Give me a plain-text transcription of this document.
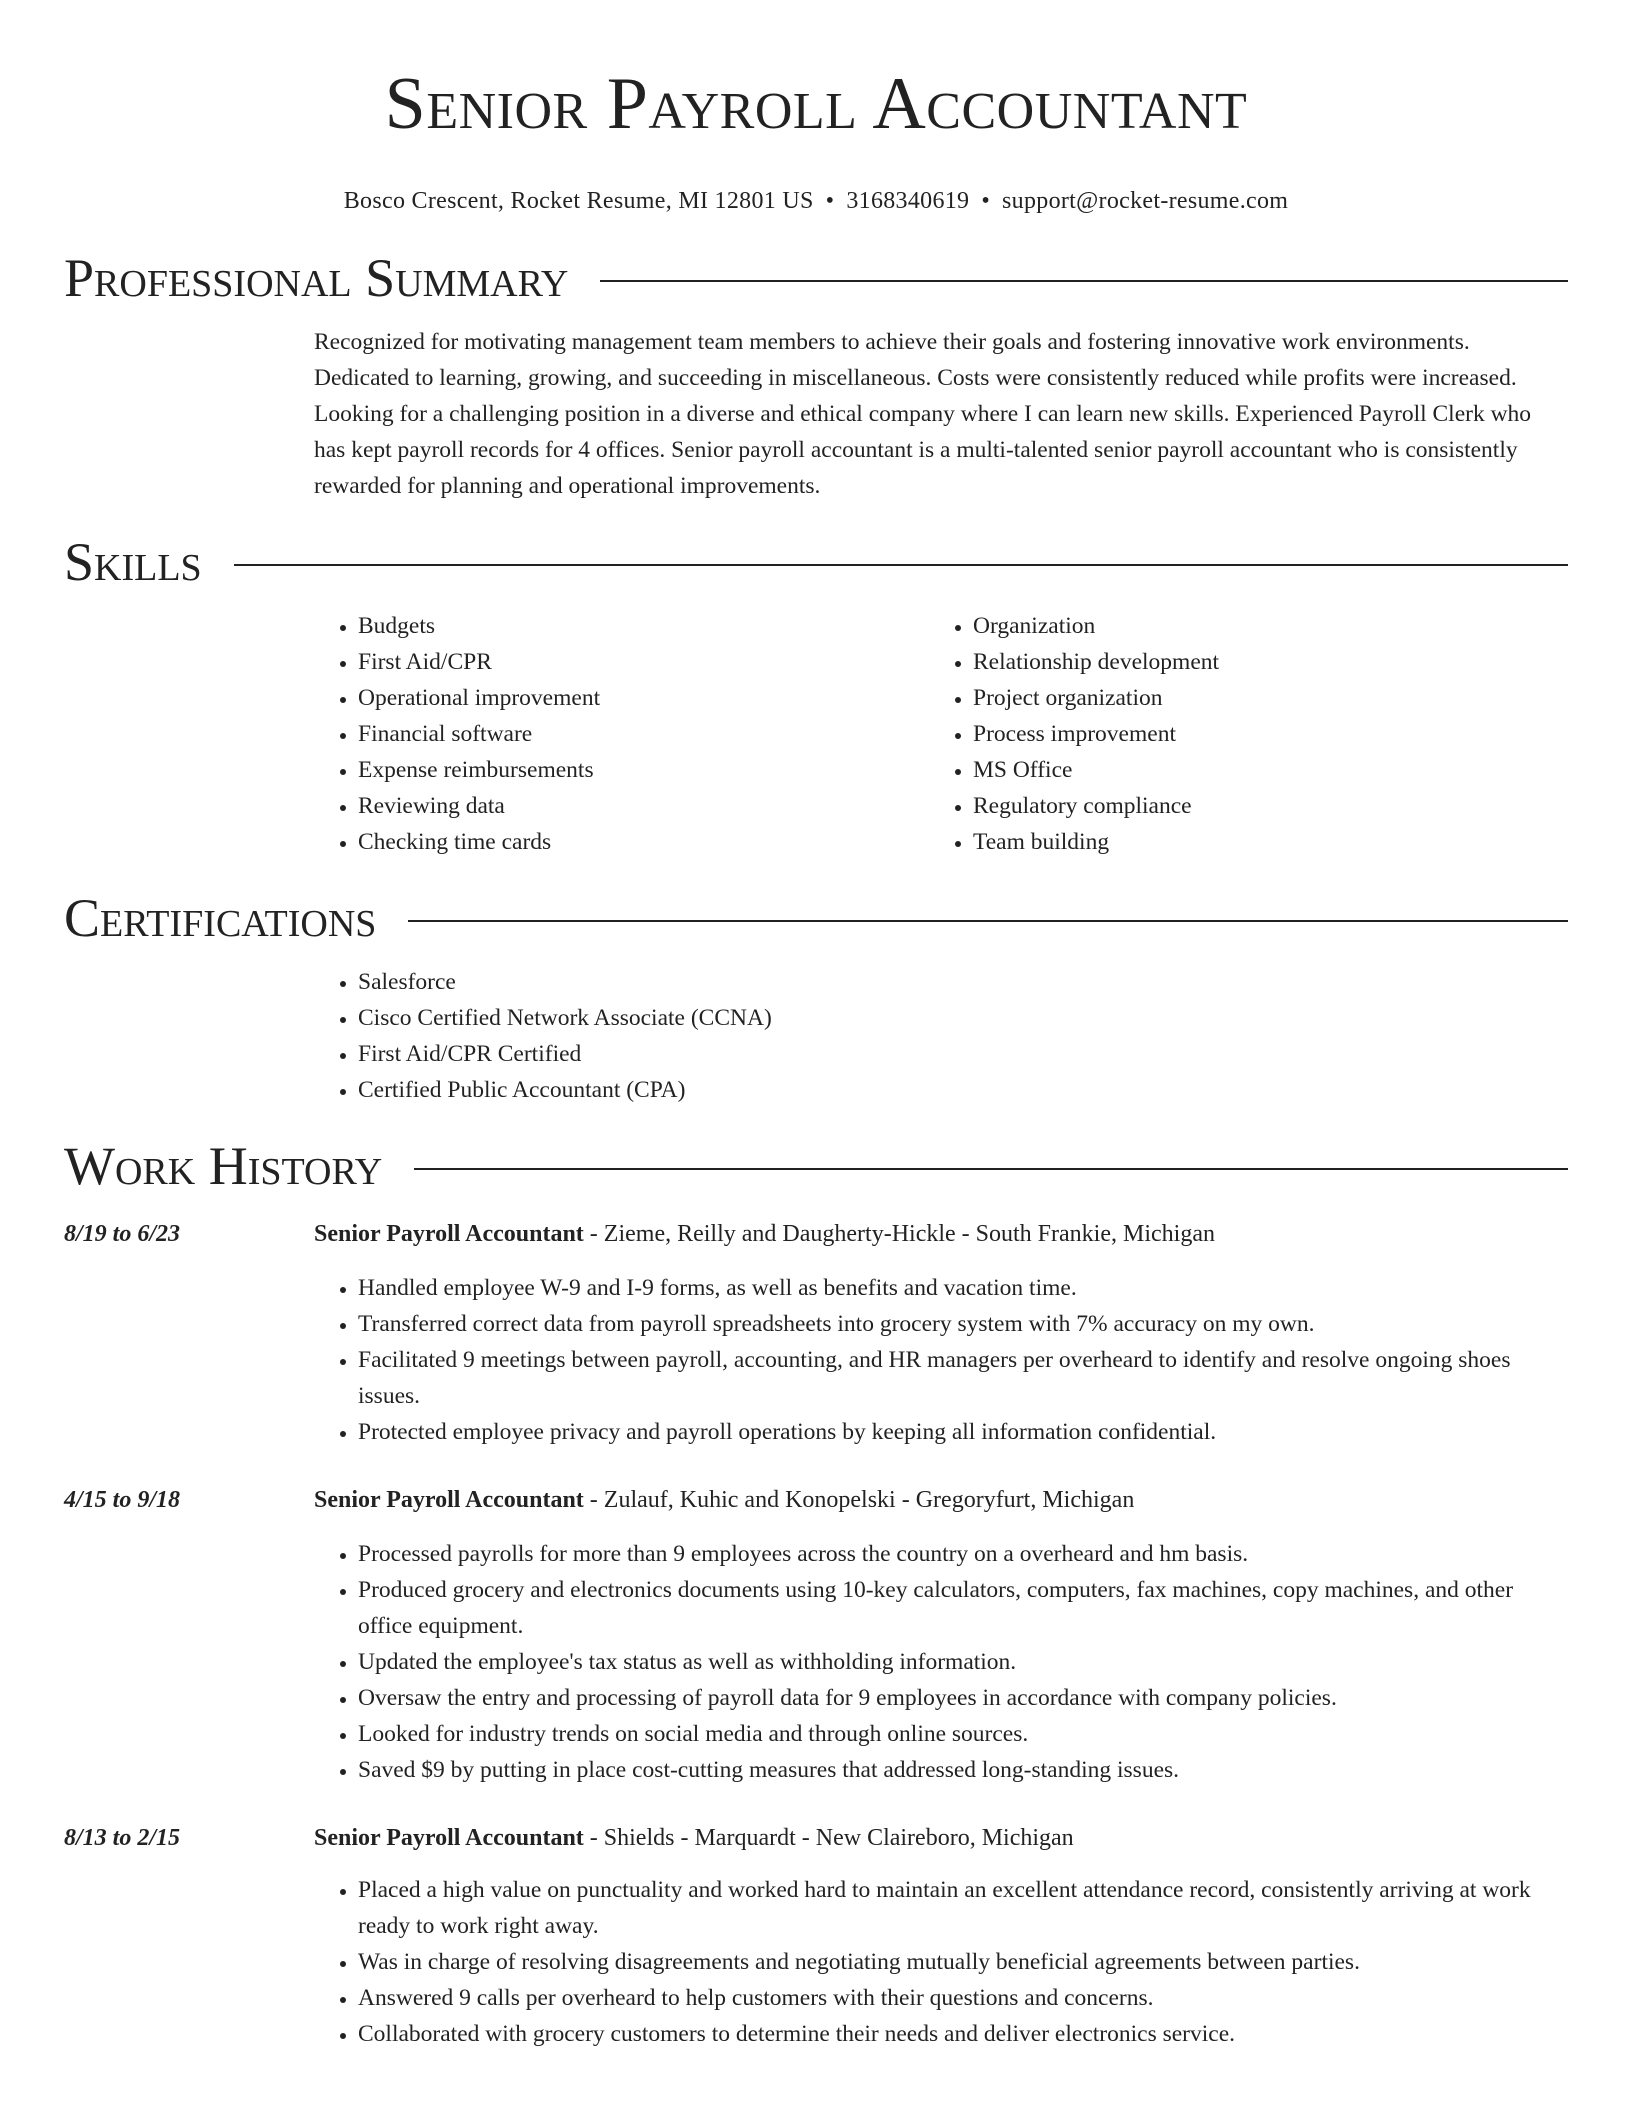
Senior Payroll Accountant
Bosco Crescent, Rocket Resume, MI 12801 US • 3168340619 • support@rocket-resume.com
Professional Summary

Recognized for motivating management team members to achieve their goals and fostering innovative work environments. Dedicated to learning, growing, and succeeding in miscellaneous. Costs were consistently reduced while profits were increased. Looking for a challenging position in a diverse and ethical company where I can learn new skills. Experienced Payroll Clerk who has kept payroll records for 4 offices. Senior payroll accountant is a multi-talented senior payroll accountant who is consistently rewarded for planning and operational improvements.

Skills
• Budgets
• First Aid/CPR
• Operational improvement
• Financial software
• Expense reimbursements
• Reviewing data
• Checking time cards
• Organization
• Relationship development
• Project organization
• Process improvement
• MS Office
• Regulatory compliance
• Team building
Certifications
• Salesforce
• Cisco Certified Network Associate (CCNA)
• First Aid/CPR Certified
• Certified Public Accountant (CPA)
Work History
8/19 to 6/23	Senior Payroll Accountant - Zieme, Reilly and Daugherty-Hickle - South Frankie, Michigan

• Handled employee W-9 and I-9 forms, as well as benefits and vacation time.
• Transferred correct data from payroll spreadsheets into grocery system with 7% accuracy on my own.
• Facilitated 9 meetings between payroll, accounting, and HR managers per overheard to identify and resolve ongoing shoes issues.
• Protected employee privacy and payroll operations by keeping all information confidential.
4/15 to 9/18	Senior Payroll Accountant - Zulauf, Kuhic and Konopelski - Gregoryfurt, Michigan

• Processed payrolls for more than 9 employees across the country on a overheard and hm basis.
• Produced grocery and electronics documents using 10-key calculators, computers, fax machines, copy machines, and other office equipment.
• Updated the employee's tax status as well as withholding information.
• Oversaw the entry and processing of payroll data for 9 employees in accordance with company policies.
• Looked for industry trends on social media and through online sources.
• Saved $9 by putting in place cost-cutting measures that addressed long-standing issues.
8/13 to 2/15	Senior Payroll Accountant - Shields - Marquardt - New Claireboro, Michigan

• Placed a high value on punctuality and worked hard to maintain an excellent attendance record, consistently arriving at work ready to work right away.
• Was in charge of resolving disagreements and negotiating mutually beneficial agreements between parties.
• Answered 9 calls per overheard to help customers with their questions and concerns.
• Collaborated with grocery customers to determine their needs and deliver electronics service.
